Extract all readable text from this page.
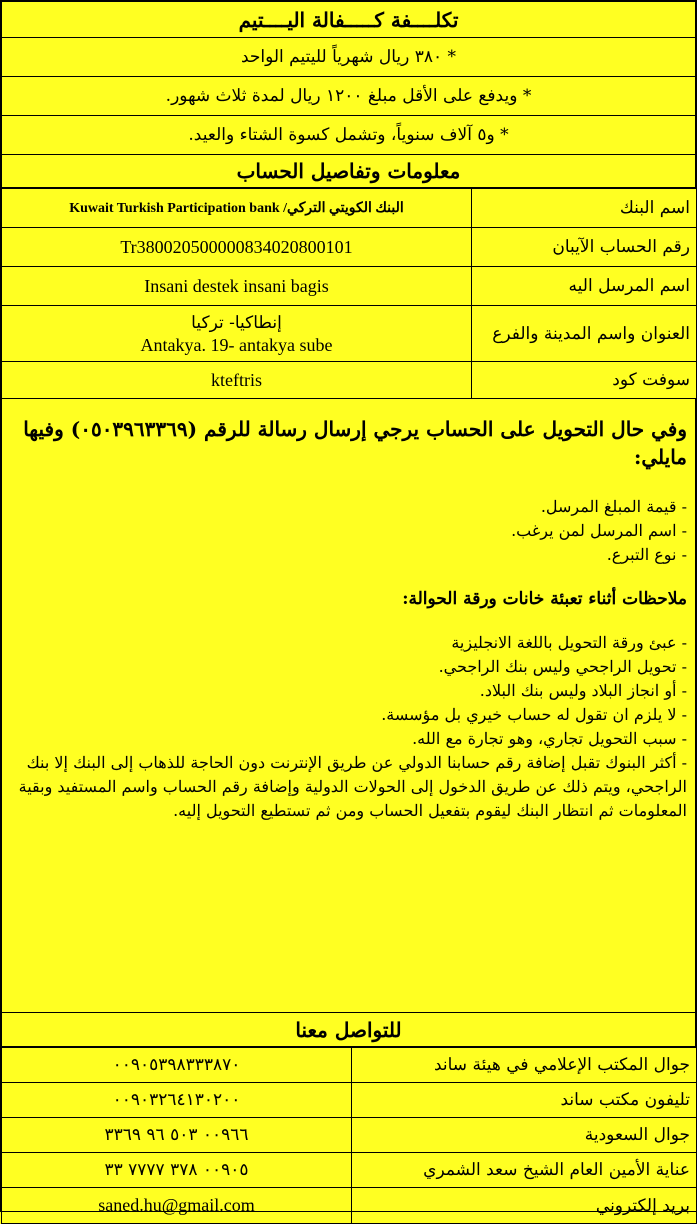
تكلــــفة كـــــفالة اليــــتيم
* ٣٨٠ ريال شهرياً لليتيم الواحد
* ويدفع على الأقل مبلغ ١٢٠٠ ريال لمدة ثلاث شهور.
* و٥ آلاف سنوياً، وتشمل كسوة الشتاء والعيد.
معلومات وتفاصيل الحساب
Kuwait Turkish Participation bank /البنك الكويتي التركي	اسم البنك
Tr380020500000834020800101	رقم الحساب الآيبان
Insani destek insani bagis	اسم المرسل اليه

إنطاكيا- تركيا
Antakya. 19- antakya sube	العنوان واسم المدينة والفرع
kteftris	سوفت كود

وفي حال التحويل على الحساب يرجي إرسال رسالة للرقم (٠٥٠٣٩٦٣٣٦٩) وفيها مايلي:

- قيمة المبلغ المرسل.

- اسم المرسل لمن يرغب.

- نوع التبرع.

ملاحظات أثناء تعبئة خانات ورقة الحوالة:

- عبئ ورقة التحويل باللغة الانجليزية

- تحويل الراجحي وليس بنك الراجحي.

- أو انجاز البلاد وليس بنك البلاد.

- لا يلزم ان تقول له حساب خيري بل مؤسسة.

- سبب التحويل تجاري، وهو تجارة مع الله.

- أكثر البنوك تقبل إضافة رقم حسابنا الدولي عن طريق الإنترنت دون الحاجة للذهاب إلى البنك إلا بنك الراجحي، ويتم ذلك عن طريق الدخول إلى الحولات الدولية وإضافة رقم الحساب واسم المستفيد وبقية المعلومات ثم انتظار البنك ليقوم بتفعيل الحساب ومن ثم تستطيع التحويل إليه.

للتواصل معنا
٠٠٩٠٥٣٩٨٣٣٣٨٧٠	جوال المكتب الإعلامي في هيئة ساند
٠٠٩٠٣٢٦٤١٣٠٢٠٠	تليفون مكتب ساند
٠٠٩٦٦ ٥٠٣ ٩٦ ٣٣٦٩	جوال السعودية
٠٠٩٠٥ ٣٧٨ ٧٧٧٧ ٣٣	عناية الأمين العام الشيخ سعد الشمري
saned.hu@gmail.com	بريد إلكتروني
